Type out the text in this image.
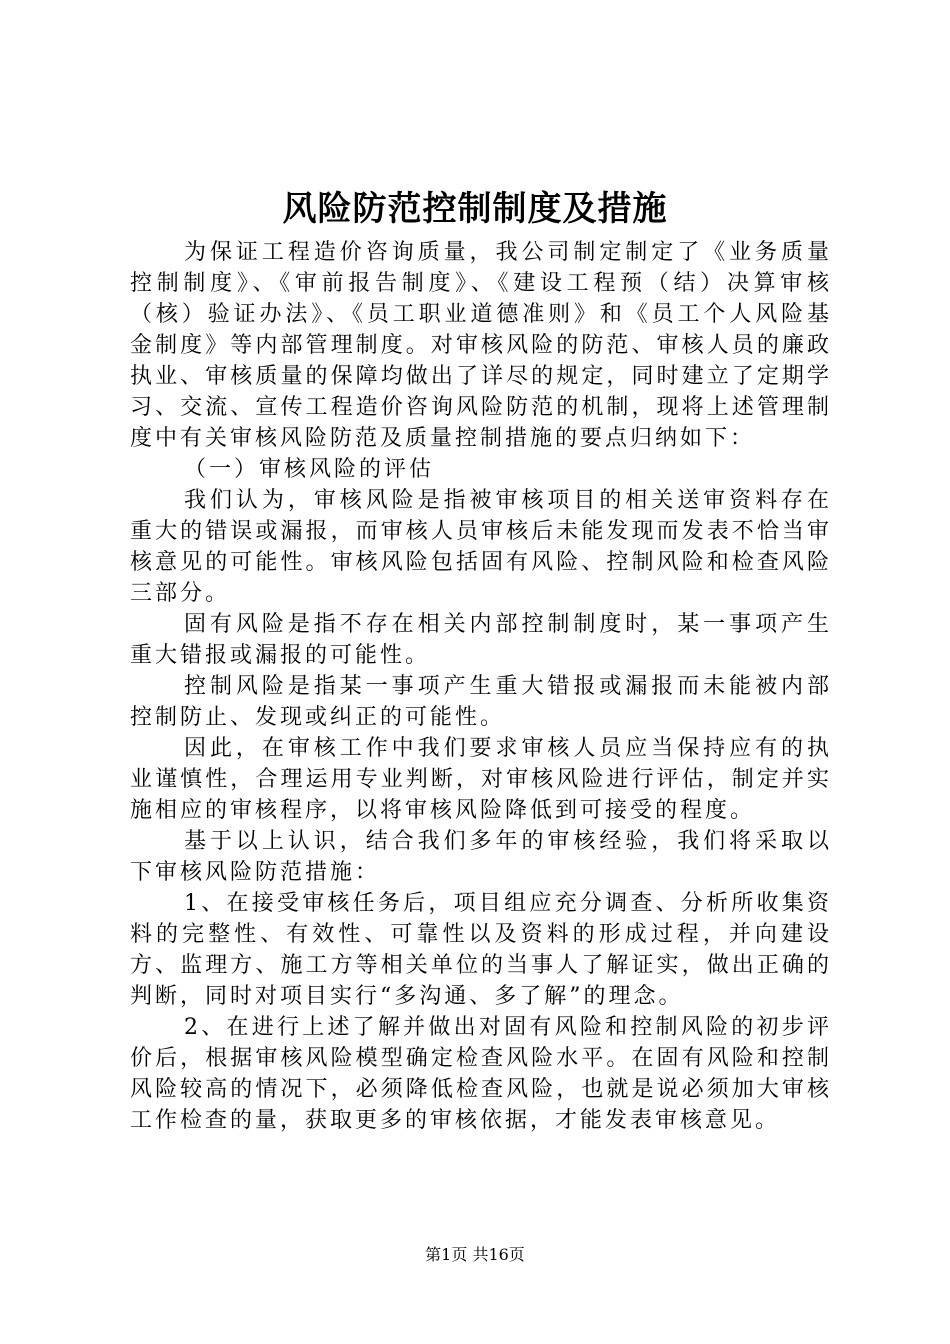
风险防范控制制度及措施

为保证工程造价咨询质量，我公司制定制定了《业务质量控制制度》、《审前报告制度》、《建设工程预（结）决算审核（核）验证办法》、《员工职业道德准则》和《员工个人风险基金制度》等内部管理制度。对审核风险的防范、审核人员的廉政执业、审核质量的保障均做出了详尽的规定，同时建立了定期学习、交流、宣传工程造价咨询风险防范的机制，现将上述管理制度中有关审核风险防范及质量控制措施的要点归纳如下：

（一）审核风险的评估

我们认为，审核风险是指被审核项目的相关送审资料存在重大的错误或漏报，而审核人员审核后未能发现而发表不恰当审核意见的可能性。审核风险包括固有风险、控制风险和检查风险三部分。

固有风险是指不存在相关内部控制制度时，某一事项产生重大错报或漏报的可能性。

控制风险是指某一事项产生重大错报或漏报而未能被内部控制防止、发现或纠正的可能性。

因此，在审核工作中我们要求审核人员应当保持应有的执业谨慎性，合理运用专业判断，对审核风险进行评估，制定并实施相应的审核程序，以将审核风险降低到可接受的程度。

基于以上认识，结合我们多年的审核经验，我们将采取以下审核风险防范措施：

1、在接受审核任务后，项目组应充分调查、分析所收集资料的完整性、有效性、可靠性以及资料的形成过程，并向建设方、监理方、施工方等相关单位的当事人了解证实，做出正确的判断，同时对项目实行“多沟通、多了解”的理念。

2、在进行上述了解并做出对固有风险和控制风险的初步评价后，根据审核风险模型确定检查风险水平。在固有风险和控制风险较高的情况下，必须降低检查风险，也就是说必须加大审核工作检查的量，获取更多的审核依据，才能发表审核意见。

第1页 共16页
